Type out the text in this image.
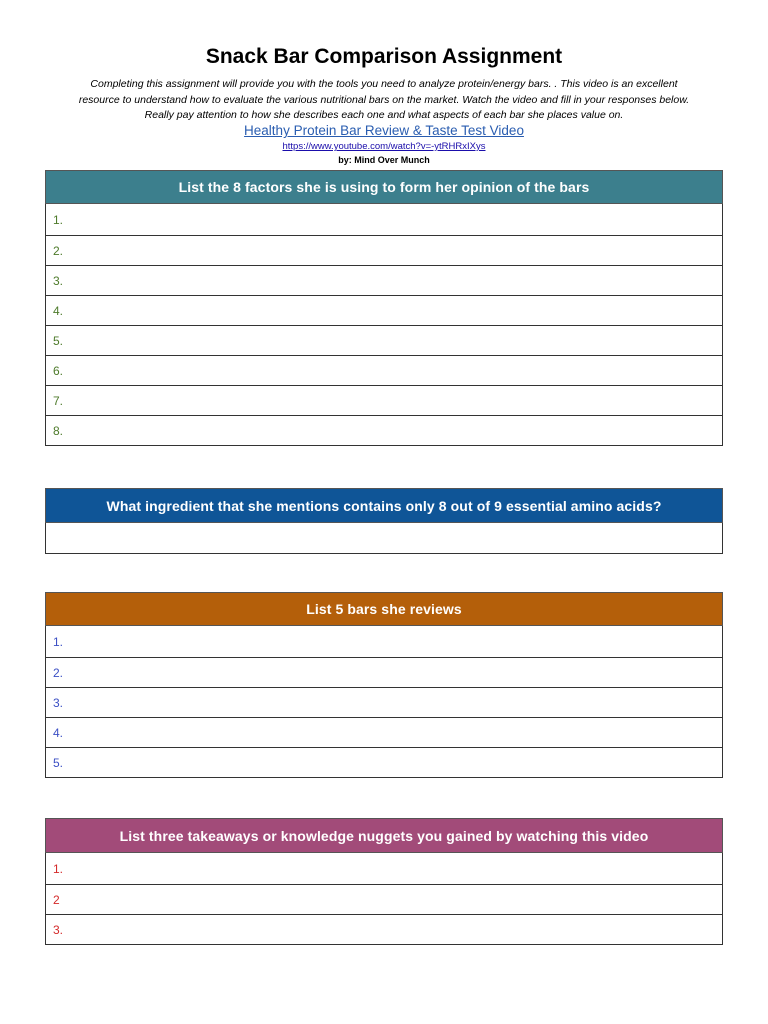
Snack Bar Comparison Assignment
Completing this assignment will provide you with the tools you need to analyze protein/energy bars. . This video is an excellent
resource to understand how to evaluate the various nutritional bars on the market. Watch the video and fill in your responses below.
Really pay attention to how she describes each one and what aspects of each bar she places value on.
Healthy Protein Bar Review & Taste Test Video
https://www.youtube.com/watch?v=-ytRHRxIXys
by: Mind Over Munch
List the 8 factors she is using to form her opinion of the bars
1.
2.
3.
4.
5.
6.
7.
8.
What ingredient that she mentions contains only 8 out of 9 essential amino acids?
List 5 bars she reviews
1.
2.
3.
4.
5.
List three takeaways or knowledge nuggets you gained by watching this video
1.
2
3.
